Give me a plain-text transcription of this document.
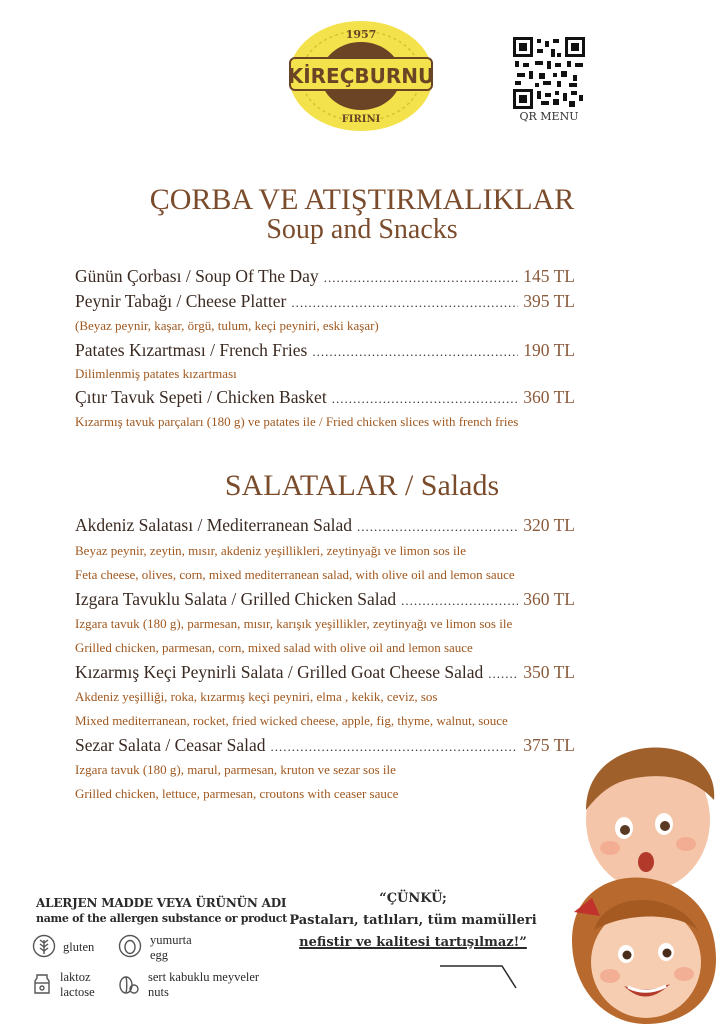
KİREÇBURNU
1957
FIRINI	QR MENU
ÇORBA VE ATIŞTIRMALIKLAR
Soup and Snacks
Günün Çorbası / Soup Of The Day .....	145 TL
Peynir Tabağı / Cheese Platter .....	395 TL
(Beyaz peynir, kaşar, örgü, tulum, keçi peyniri, eski kaşar)
Patates Kızartması / French Fries .....	190 TL
Dilimlenmiş patates kızartması
Çıtır Tavuk Sepeti / Chicken Basket .....	360 TL
Kızarmış tavuk parçaları (180 g) ve patates ile / Fried chicken slices with french fries
SALATALAR / Salads
Akdeniz Salatası / Mediterranean Salad .....	320 TL
Beyaz peynir, zeytin, mısır, akdeniz yeşillikleri, zeytinyağı ve limon sos ile
Feta cheese, olives, corn, mixed mediterranean salad, with olive oil and lemon sauce
Izgara Tavuklu Salata / Grilled Chicken Salad .....	360 TL
Izgara tavuk (180 g), parmesan, mısır, karışık yeşillikler, zeytinyağı ve limon sos ile
Grilled chicken, parmesan, corn, mixed salad with olive oil and lemon sauce
Kızarmış Keçi Peynirli Salata / Grilled Goat Cheese Salad ..... 350 TL
Akdeniz yeşilliği, roka, kızarmış keçi peyniri, elma , kekik, ceviz, sos
Mixed mediterranean, rocket, fried wicked cheese, apple, fig, thyme, walnut, souce
Sezar Salata / Ceasar Salad .....	375 TL
Izgara tavuk (180 g), marul, parmesan, kruton ve sezar sos ile
Grilled chicken, lettuce, parmesan, croutons with ceaser sauce
ALERJEN MADDE VEYA ÜRÜNÜN ADI
name of the allergen substance or product
gluten	yumurta
egg
laktoz
lactose
sert kabuklu meyveler
nuts
“ÇÜNKÜ;
Pastaları, tatlıları, tüm mamülleri
nefistir ve kalitesi tartışılmaz!”
